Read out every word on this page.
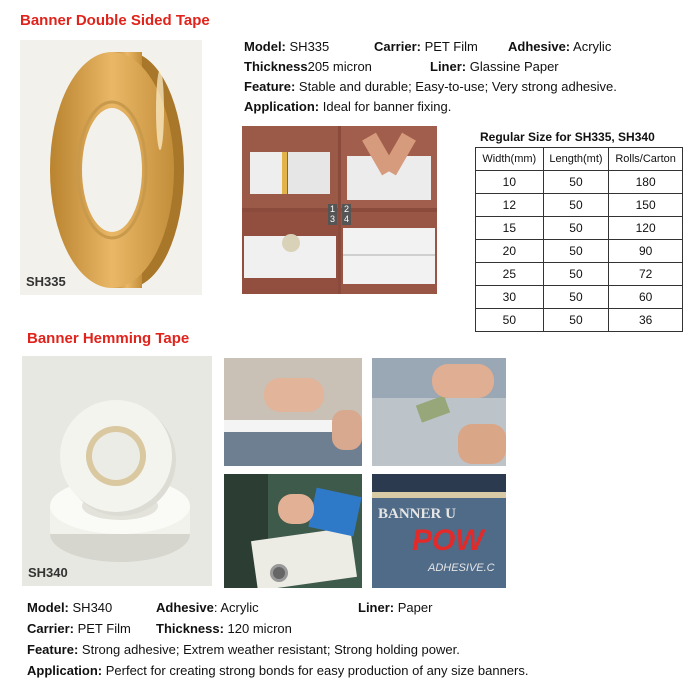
Banner Double Sided Tape
SH335
Model: SH335	Carrier: PET Film Adhesive: Acrylic
Thickness205 micron	Liner: Glassine Paper
Feature: Stable and durable; Easy-to-use; Very strong adhesive.
Application: Ideal for banner fixing.
1 2
3 4
Regular Size for SH335, SH340
Width(mm)	Length(mt)	Rolls/Carton
10	50	180
12	50	150
15	50	120
20	50	90
25	50	72
30	50	60
50	50	36
Banner Hemming Tape
SH340
BANNER U
POW
ADHESIVE.C
Model: SH340	Adhesive: Acrylic	Liner: Paper
Carrier: PET Film Thickness: 120 micron
Feature: Strong adhesive; Extrem weather resistant; Strong holding power.
Application: Perfect for creating strong bonds for easy production of any size banners.
